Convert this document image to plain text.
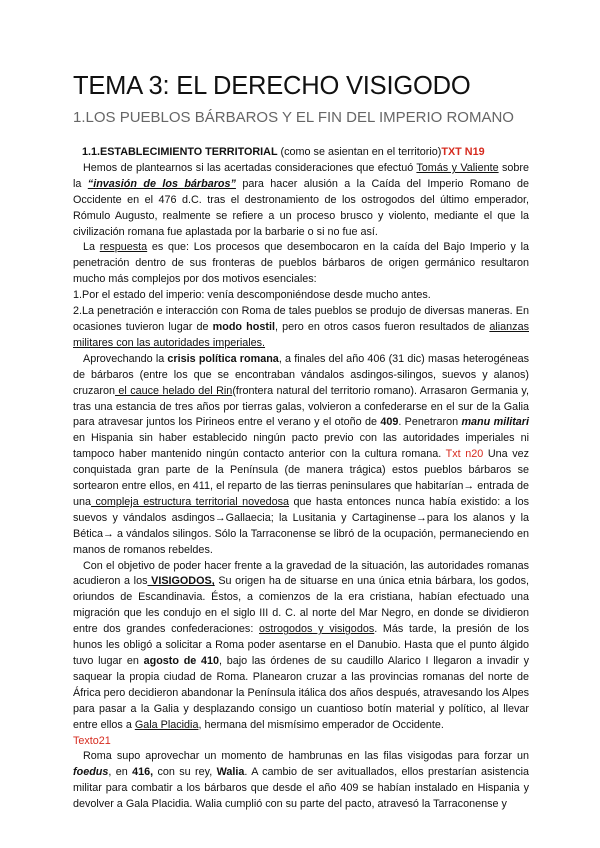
TEMA 3: EL DERECHO VISIGODO
1.LOS PUEBLOS BÁRBAROS Y EL FIN DEL IMPERIO ROMANO

1.1.ESTABLECIMIENTO TERRITORIAL (como se asientan en el territorio)TXT N19

Hemos de plantearnos si las acertadas consideraciones que efectuó Tomás y Valiente sobre la “invasión de los bárbaros” para hacer alusión a la Caída del Imperio Romano de Occidente en el 476 d.C. tras el destronamiento de los ostrogodos del último emperador, Rómulo Augusto, realmente se refiere a un proceso brusco y violento, mediante el que la civilización romana fue aplastada por la barbarie o si no fue así.

La respuesta es que: Los procesos que desembocaron en la caída del Bajo Imperio y la penetración dentro de sus fronteras de pueblos bárbaros de origen germánico resultaron mucho más complejos por dos motivos esenciales:

1.Por el estado del imperio: venía descomponiéndose desde mucho antes.

2.La penetración e interacción con Roma de tales pueblos se produjo de diversas maneras. En ocasiones tuvieron lugar de modo hostil, pero en otros casos fueron resultados de alianzas militares con las autoridades imperiales.

Aprovechando la crisis política romana, a finales del año 406 (31 dic) masas heterogéneas de bárbaros (entre los que se encontraban vándalos asdingos-silingos, suevos y alanos) cruzaron el cauce helado del Rin(frontera natural del territorio romano). Arrasaron Germania y, tras una estancia de tres años por tierras galas, volvieron a confederarse en el sur de la Galia para atravesar juntos los Pirineos entre el verano y el otoño de 409. Penetraron manu militari en Hispania sin haber establecido ningún pacto previo con las autoridades imperiales ni tampoco haber mantenido ningún contacto anterior con la cultura romana. Txt n20 Una vez conquistada gran parte de la Península (de manera trágica) estos pueblos bárbaros se sortearon entre ellos, en 411, el reparto de las tierras peninsulares que habitarían→ entrada de una compleja estructura territorial novedosa que hasta entonces nunca había existido: a los suevos y vándalos asdingos→Gallaecia; la Lusitania y Cartaginense→para los alanos y la Bética→ a vándalos silingos. Sólo la Tarraconense se libró de la ocupación, permaneciendo en manos de romanos rebeldes.

Con el objetivo de poder hacer frente a la gravedad de la situación, las autoridades romanas acudieron a los VISIGODOS, Su origen ha de situarse en una única etnia bárbara, los godos, oriundos de Escandinavia. Éstos, a comienzos de la era cristiana, habían efectuado una migración que les condujo en el siglo III d. C. al norte del Mar Negro, en donde se dividieron entre dos grandes confederaciones: ostrogodos y visigodos. Más tarde, la presión de los hunos les obligó a solicitar a Roma poder asentarse en el Danubio. Hasta que el punto álgido tuvo lugar en agosto de 410, bajo las órdenes de su caudillo Alarico I llegaron a invadir y saquear la propia ciudad de Roma. Planearon cruzar a las provincias romanas del norte de África pero decidieron abandonar la Península itálica dos años después, atravesando los Alpes para pasar a la Galia y desplazando consigo un cuantioso botín material y político, al llevar entre ellos a Gala Placidia, hermana del mismísimo emperador de Occidente.

Texto21

Roma supo aprovechar un momento de hambrunas en las filas visigodas para forzar un foedus, en 416, con su rey, Walia. A cambio de ser avituallados, ellos prestarían asistencia militar para combatir a los bárbaros que desde el año 409 se habían instalado en Hispania y devolver a Gala Placidia. Walia cumplió con su parte del pacto, atravesó la Tarraconense y
